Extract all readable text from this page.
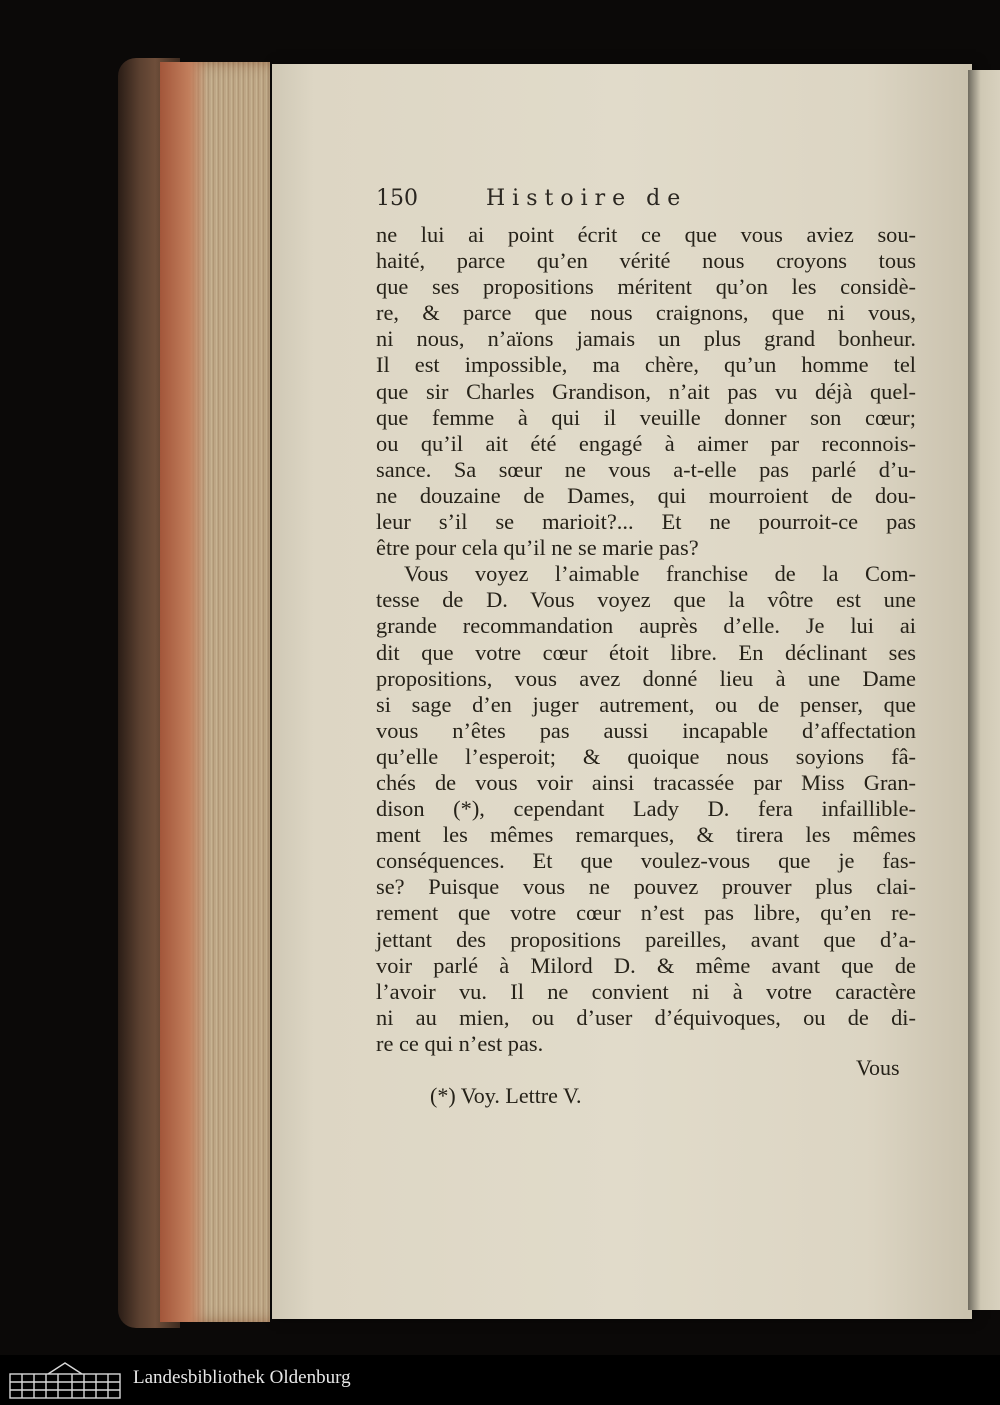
150	Histoire de
ne lui ai point écrit ce que vous aviez sou-
haité, parce qu’en vérité nous croyons tous
que ses propositions méritent qu’on les considè-
re, & parce que nous craignons, que ni vous,
ni nous, n’aïons jamais un plus grand bonheur.
Il est impossible, ma chère, qu’un homme tel
que sir Charles Grandison, n’ait pas vu déjà quel-
que femme à qui il veuille donner son cœur;
ou qu’il ait été engagé à aimer par reconnois-
sance. Sa sœur ne vous a-t-elle pas parlé d’u-
ne douzaine de Dames, qui mourroient de dou-
leur s’il se marioit?... Et ne pourroit-ce pas
être pour cela qu’il ne se marie pas?
Vous voyez l’aimable franchise de la Com-
tesse de D. Vous voyez que la vôtre est une
grande recommandation auprès d’elle. Je lui ai
dit que votre cœur étoit libre. En déclinant ses
propositions, vous avez donné lieu à une Dame
si sage d’en juger autrement, ou de penser, que
vous n’êtes pas aussi incapable d’affectation
qu’elle l’esperoit; & quoique nous soyions fâ-
chés de vous voir ainsi tracassée par Miss Gran-
dison (*), cependant Lady D. fera infaillible-
ment les mêmes remarques, & tirera les mêmes
conséquences. Et que voulez-vous que je fas-
se? Puisque vous ne pouvez prouver plus clai-
rement que votre cœur n’est pas libre, qu’en re-
jettant des propositions pareilles, avant que d’a-
voir parlé à Milord D. & même avant que de
l’avoir vu. Il ne convient ni à votre caractère
ni au mien, ou d’user d’équivoques, ou de di-
re ce qui n’est pas.
Vous
(*) Voy. Lettre V.
Landesbibliothek Oldenburg
